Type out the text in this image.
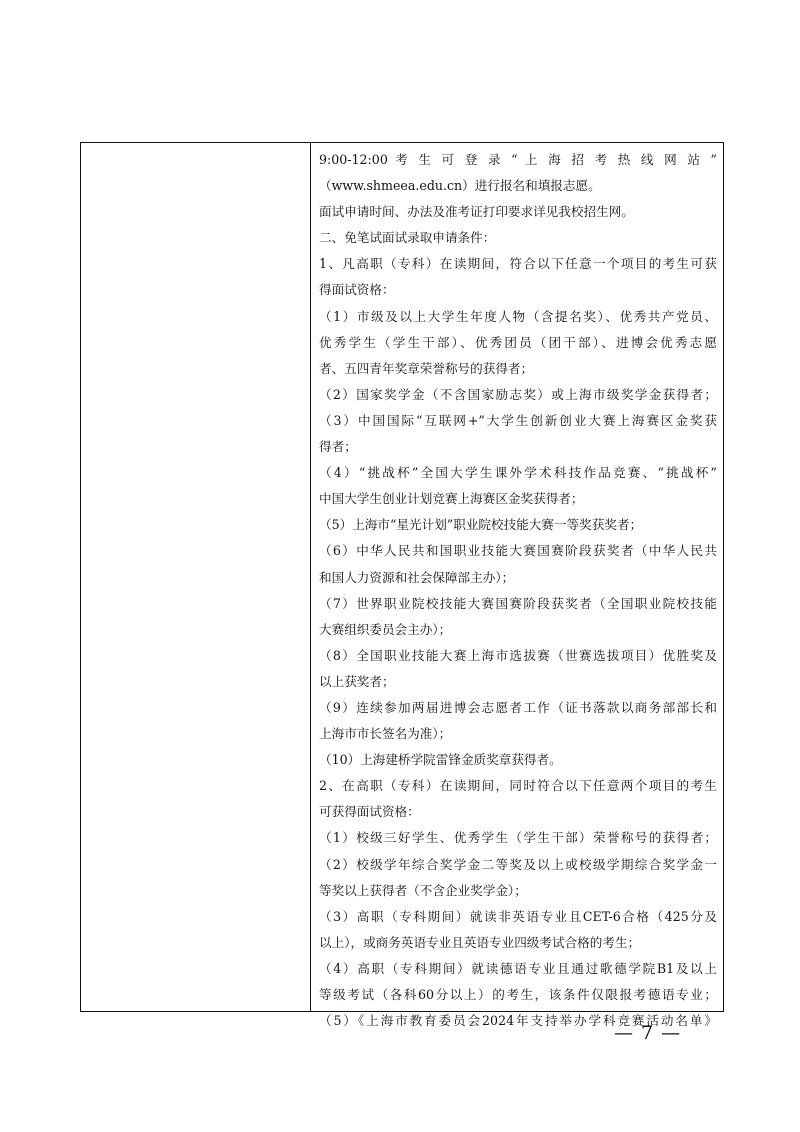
9:00-12:00 考 生 可 登 录 “ 上 海 招 考 热 线 网 站 ”
（www.shmeea.edu.cn）进行报名和填报志愿。
面试申请时间、办法及准考证打印要求详见我校招生网。
二、免笔试面试录取申请条件：
1、凡高职（专科）在读期间，符合以下任意一个项目的考生可获
得面试资格：
（1）市级及以上大学生年度人物（含提名奖）、优秀共产党员、
优秀学生（学生干部）、优秀团员（团干部）、进博会优秀志愿
者、五四青年奖章荣誉称号的获得者；
（2）国家奖学金（不含国家励志奖）或上海市级奖学金获得者；
（3）中国国际“互联网+”大学生创新创业大赛上海赛区金奖获
得者；
（4）“挑战杯”全国大学生课外学术科技作品竞赛、“挑战杯”
中国大学生创业计划竞赛上海赛区金奖获得者；
（5）上海市“星光计划”职业院校技能大赛一等奖获奖者；
（6）中华人民共和国职业技能大赛国赛阶段获奖者（中华人民共
和国人力资源和社会保障部主办）；
（7）世界职业院校技能大赛国赛阶段获奖者（全国职业院校技能
大赛组织委员会主办）；
（8）全国职业技能大赛上海市选拔赛（世赛选拔项目）优胜奖及
以上获奖者；
（9）连续参加两届进博会志愿者工作（证书落款以商务部部长和
上海市市长签名为准）；
（10）上海建桥学院雷锋金质奖章获得者。
2、在高职（专科）在读期间，同时符合以下任意两个项目的考生
可获得面试资格：
（1）校级三好学生、优秀学生（学生干部）荣誉称号的获得者；
（2）校级学年综合奖学金二等奖及以上或校级学期综合奖学金一
等奖以上获得者（不含企业奖学金）；
（3）高职（专科期间）就读非英语专业且CET-6合格（425分及
以上），或商务英语专业且英语专业四级考试合格的考生；
（4）高职（专科期间）就读德语专业且通过歌德学院B1及以上
等级考试（各科60分以上）的考生，该条件仅限报考德语专业；
（5）《上海市教育委员会2024年支持举办学科竞赛活动名单》
— 7 —
